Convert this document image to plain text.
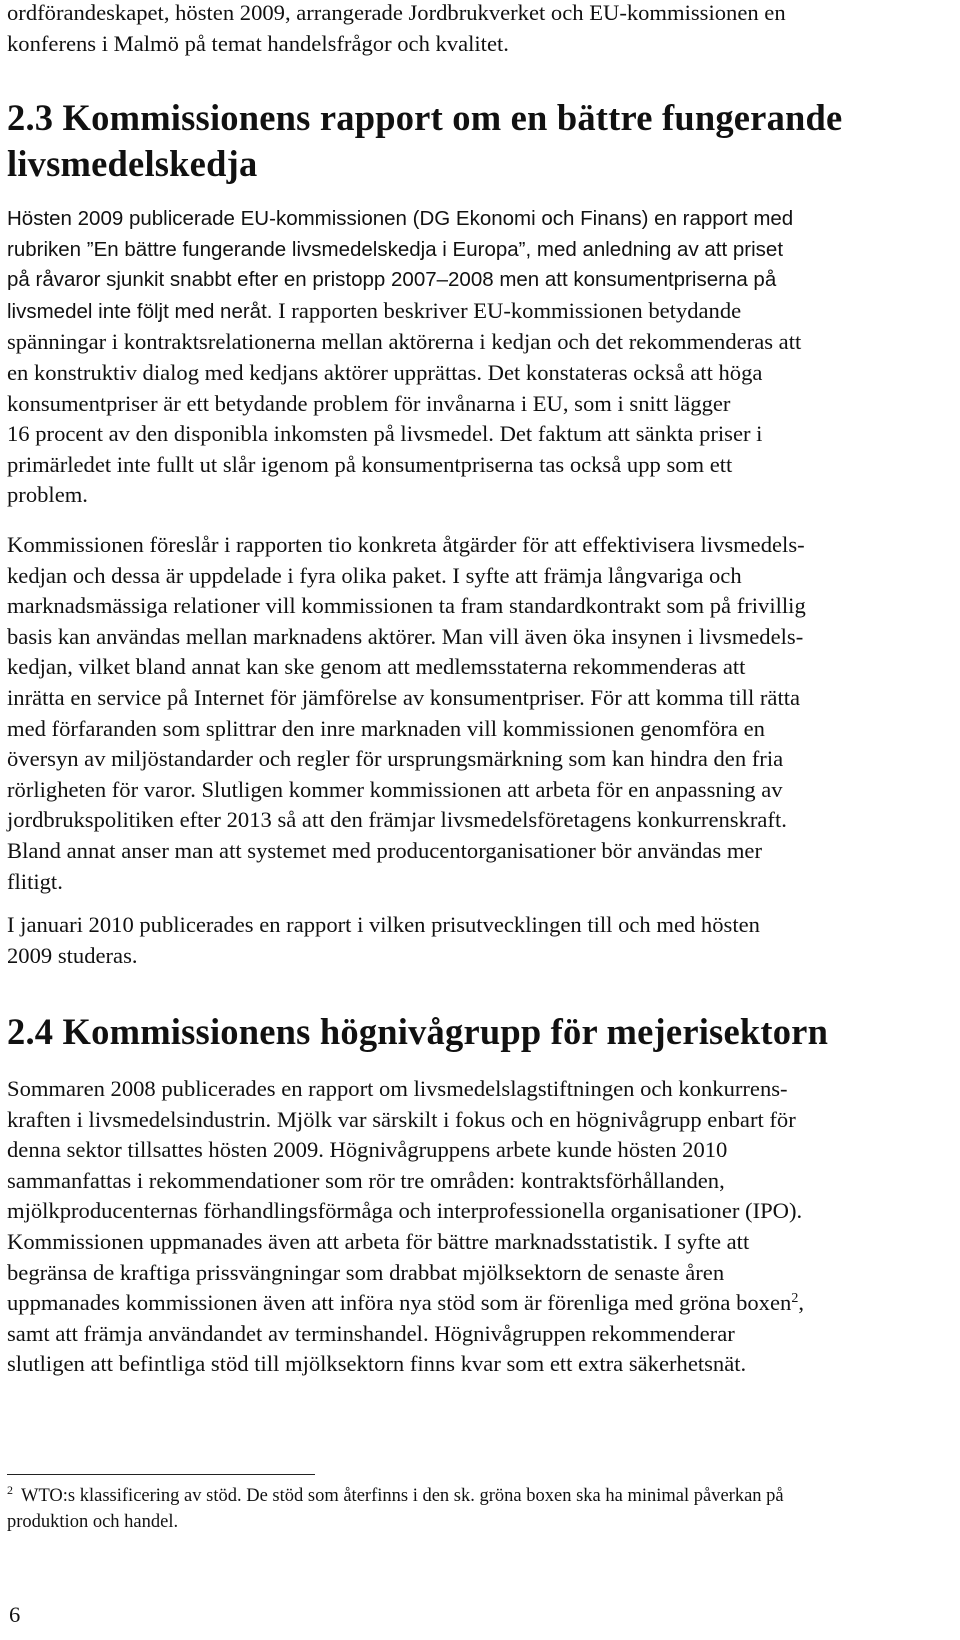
ordförandeskapet, hösten 2009, arrangerade Jordbrukverket och EU-kommissionen en
konferens i Malmö på temat handelsfrågor och kvalitet.

2.3 Kommissionens rapport om en bättre fungerande
livsmedelskedja

Hösten 2009 publicerade EU-kommissionen (DG Ekonomi och Finans) en rapport med
rubriken ”En bättre fungerande livsmedelskedja i Europa”, med anledning av att priset
på råvaror sjunkit snabbt efter en pristopp 2007–2008 men att konsumentpriserna på
livsmedel inte följt med neråt. I rapporten beskriver EU-kommissionen betydande
spänningar i kontraktsrelationerna mellan aktörerna i kedjan och det rekommenderas att
en konstruktiv dialog med kedjans aktörer upprättas. Det konstateras också att höga
konsumentpriser är ett betydande problem för invånarna i EU, som i snitt lägger
16 procent av den disponibla inkomsten på livsmedel. Det faktum att sänkta priser i
primärledet inte fullt ut slår igenom på konsumentpriserna tas också upp som ett
problem.

Kommissionen föreslår i rapporten tio konkreta åtgärder för att effektivisera livsmedels-
kedjan och dessa är uppdelade i fyra olika paket. I syfte att främja långvariga och
marknadsmässiga relationer vill kommissionen ta fram standardkontrakt som på frivillig
basis kan användas mellan marknadens aktörer. Man vill även öka insynen i livsmedels-
kedjan, vilket bland annat kan ske genom att medlemsstaterna rekommenderas att
inrätta en service på Internet för jämförelse av konsumentpriser. För att komma till rätta
med förfaranden som splittrar den inre marknaden vill kommissionen genomföra en
översyn av miljöstandarder och regler för ursprungsmärkning som kan hindra den fria
rörligheten för varor. Slutligen kommer kommissionen att arbeta för en anpassning av
jordbrukspolitiken efter 2013 så att den främjar livsmedelsföretagens konkurrenskraft.
Bland annat anser man att systemet med producentorganisationer bör användas mer
flitigt.

I januari 2010 publicerades en rapport i vilken prisutvecklingen till och med hösten
2009 studeras.

2.4 Kommissionens högnivågrupp för mejerisektorn

Sommaren 2008 publicerades en rapport om livsmedelslagstiftningen och konkurrens-
kraften i livsmedelsindustrin. Mjölk var särskilt i fokus och en högnivågrupp enbart för
denna sektor tillsattes hösten 2009. Högnivågruppens arbete kunde hösten 2010
sammanfattas i rekommendationer som rör tre områden: kontraktsförhållanden,
mjölkproducenternas förhandlingsförmåga och interprofessionella organisationer (IPO).
Kommissionen uppmanades även att arbeta för bättre marknadsstatistik. I syfte att
begränsa de kraftiga prissvängningar som drabbat mjölksektorn de senaste åren
uppmanades kommissionen även att införa nya stöd som är förenliga med gröna boxen$^2$,
samt att främja användandet av terminshandel. Högnivågruppen rekommenderar
slutligen att befintliga stöd till mjölksektorn finns kvar som ett extra säkerhetsnät.

$^2$ WTO:s klassificering av stöd. De stöd som återfinns i den sk. gröna boxen ska ha minimal påverkan på
produktion och handel.
6
